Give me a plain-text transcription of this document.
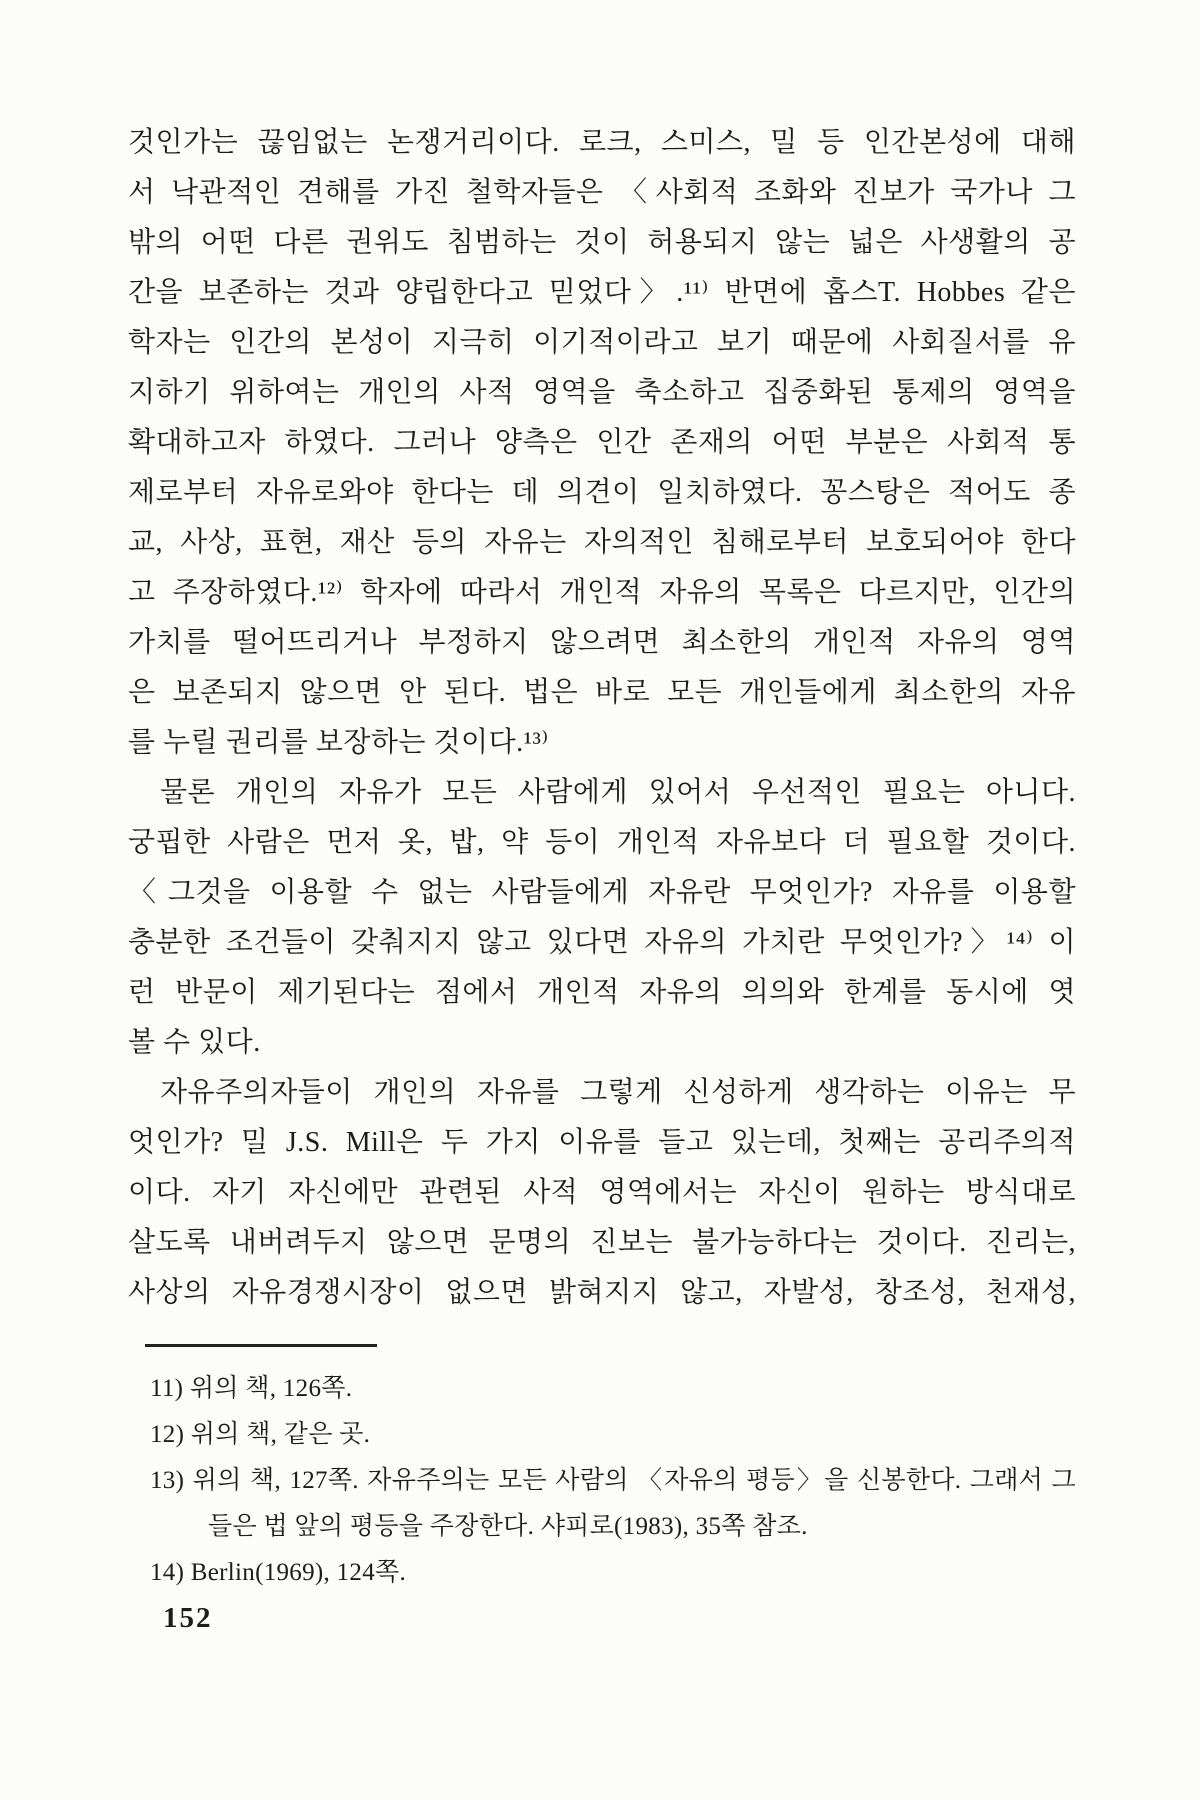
것인가는 끊임없는 논쟁거리이다. 로크, 스미스, 밀 등 인간본성에 대해
서 낙관적인 견해를 가진 철학자들은 〈사회적 조화와 진보가 국가나 그
밖의 어떤 다른 권위도 침범하는 것이 허용되지 않는 넓은 사생활의 공
간을 보존하는 것과 양립한다고 믿었다〉.¹¹⁾ 반면에 홉스T. Hobbes 같은
학자는 인간의 본성이 지극히 이기적이라고 보기 때문에 사회질서를 유
지하기 위하여는 개인의 사적 영역을 축소하고 집중화된 통제의 영역을
확대하고자 하였다. 그러나 양측은 인간 존재의 어떤 부분은 사회적 통
제로부터 자유로와야 한다는 데 의견이 일치하였다. 꽁스탕은 적어도 종
교, 사상, 표현, 재산 등의 자유는 자의적인 침해로부터 보호되어야 한다
고 주장하였다.¹²⁾ 학자에 따라서 개인적 자유의 목록은 다르지만, 인간의
가치를 떨어뜨리거나 부정하지 않으려면 최소한의 개인적 자유의 영역
은 보존되지 않으면 안 된다. 법은 바로 모든 개인들에게 최소한의 자유
를 누릴 권리를 보장하는 것이다.¹³⁾
물론 개인의 자유가 모든 사람에게 있어서 우선적인 필요는 아니다.
궁핍한 사람은 먼저 옷, 밥, 약 등이 개인적 자유보다 더 필요할 것이다.
〈그것을 이용할 수 없는 사람들에게 자유란 무엇인가? 자유를 이용할
충분한 조건들이 갖춰지지 않고 있다면 자유의 가치란 무엇인가?〉¹⁴⁾ 이
런 반문이 제기된다는 점에서 개인적 자유의 의의와 한계를 동시에 엿
볼 수 있다.
자유주의자들이 개인의 자유를 그렇게 신성하게 생각하는 이유는 무
엇인가? 밀 J.S. Mill은 두 가지 이유를 들고 있는데, 첫째는 공리주의적
이다. 자기 자신에만 관련된 사적 영역에서는 자신이 원하는 방식대로
살도록 내버려두지 않으면 문명의 진보는 불가능하다는 것이다. 진리는,
사상의 자유경쟁시장이 없으면 밝혀지지 않고, 자발성, 창조성, 천재성,
11) 위의 책, 126쪽.
12) 위의 책, 같은 곳.
13) 위의 책, 127쪽. 자유주의는 모든 사람의 〈자유의 평등〉을 신봉한다. 그래서 그
들은 법 앞의 평등을 주장한다. 샤피로(1983), 35쪽 참조.
14) Berlin(1969), 124쪽.
152
